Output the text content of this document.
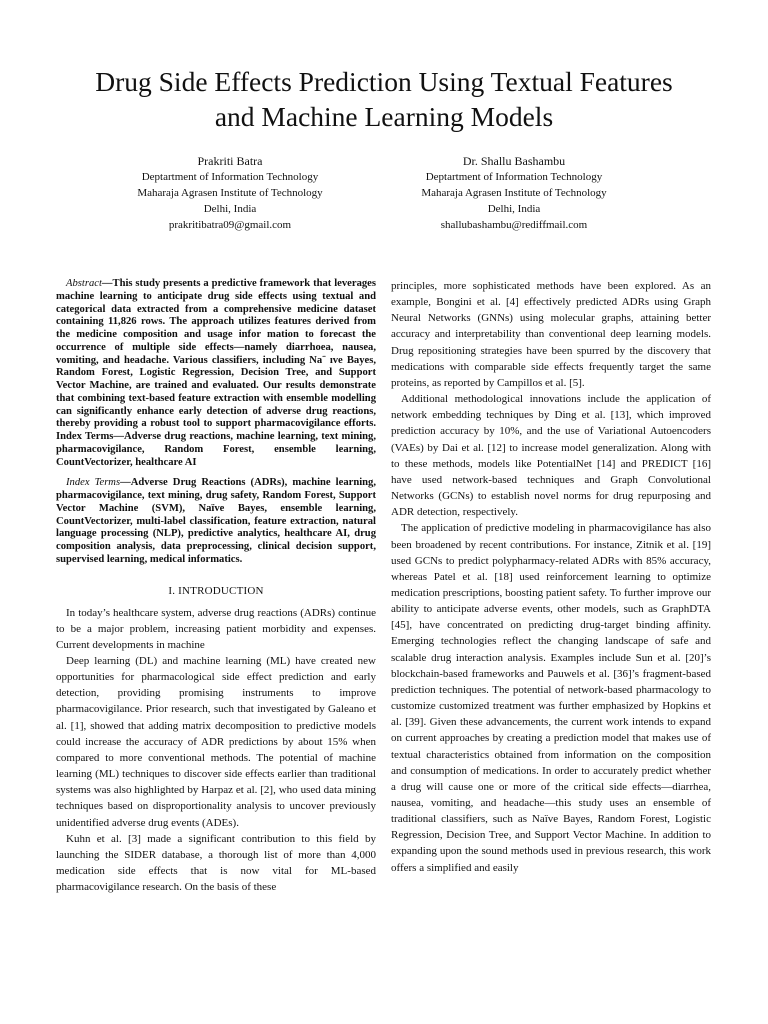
Drug Side Effects Prediction Using Textual Features
and Machine Learning Models
Prakriti Batra
Deptartment of Information Technology
Maharaja Agrasen Institute of Technology
Delhi, India
prakritibatra09@gmail.com
Dr. Shallu Bashambu
Deptartment of Information Technology
Maharaja Agrasen Institute of Technology
Delhi, India
shallubashambu@rediffmail.com

Abstract—This study presents a predictive framework that leverages machine learning to anticipate drug side effects using textual and categorical data extracted from a comprehensive medicine dataset containing 11,826 rows. The approach utilizes features derived from the medicine composition and usage infor mation to forecast the occurrence of multiple side effects—namely diarrhoea, nausea, vomiting, and headache. Various classifiers, including Na¨ ıve Bayes, Random Forest, Logistic Regression, Decision Tree, and Support Vector Machine, are trained and evaluated. Our results demonstrate that combining text-based feature extraction with ensemble modelling can significantly enhance early detection of adverse drug reactions, thereby providing a robust tool to support pharmacovigilance efforts. Index Terms—Adverse drug reactions, machine learning, text mining, pharmacovigilance, Random Forest, ensemble learning, CountVectorizer, healthcare AI

Index Terms—Adverse Drug Reactions (ADRs), machine learning, pharmacovigilance, text mining, drug safety, Random Forest, Support Vector Machine (SVM), Naïve Bayes, ensemble learning, CountVectorizer, multi-label classification, feature extraction, natural language processing (NLP), predictive analytics, healthcare AI, drug composition analysis, data preprocessing, clinical decision support, supervised learning, medical informatics.

I. INTRODUCTION

In today’s healthcare system, adverse drug reactions (ADRs) continue to be a major problem, increasing patient morbidity and expenses. Current developments in machine

Deep learning (DL) and machine learning (ML) have created new opportunities for pharmacological side effect prediction and early detection, providing promising instruments to improve pharmacovigilance. Prior research, such that investigated by Galeano et al. [1], showed that adding matrix decomposition to predictive models could increase the accuracy of ADR predictions by about 15% when compared to more conventional methods. The potential of machine learning (ML) techniques to discover side effects earlier than traditional systems was also highlighted by Harpaz et al. [2], who used data mining techniques based on disproportionality analysis to uncover previously unidentified adverse drug events (ADEs).

Kuhn et al. [3] made a significant contribution to this field by launching the SIDER database, a thorough list of more than 4,000 medication side effects that is now vital for ML-based pharmacovigilance research. On the basis of these

principles, more sophisticated methods have been explored. As an example, Bongini et al. [4] effectively predicted ADRs using Graph Neural Networks (GNNs) using molecular graphs, attaining better accuracy and interpretability than conventional deep learning models. Drug repositioning strategies have been spurred by the discovery that medications with comparable side effects frequently target the same proteins, as reported by Campillos et al. [5].

Additional methodological innovations include the application of network embedding techniques by Ding et al. [13], which improved prediction accuracy by 10%, and the use of Variational Autoencoders (VAEs) by Dai et al. [12] to increase model generalization. Along with to these methods, models like PotentialNet [14] and PREDICT [16] have used network-based techniques and Graph Convolutional Networks (GCNs) to establish novel norms for drug repurposing and ADR detection, respectively.

The application of predictive modeling in pharmacovigilance has also been broadened by recent contributions. For instance, Zitnik et al. [19] used GCNs to predict polypharmacy-related ADRs with 85% accuracy, whereas Patel et al. [18] used reinforcement learning to optimize medication prescriptions, boosting patient safety. To further improve our ability to anticipate adverse events, other models, such as GraphDTA [45], have concentrated on predicting drug-target binding affinity. Emerging technologies reflect the changing landscape of safe and scalable drug interaction analysis. Examples include Sun et al. [20]’s blockchain-based frameworks and Pauwels et al. [36]’s fragment-based prediction techniques. The potential of network-based pharmacology to customize customized treatment was further emphasized by Hopkins et al. [39]. Given these advancements, the current work intends to expand on current approaches by creating a prediction model that makes use of textual characteristics obtained from information on the composition and consumption of medications. In order to accurately predict whether a drug will cause one or more of the critical side effects—diarrhea, nausea, vomiting, and headache—this study uses an ensemble of traditional classifiers, such as Naïve Bayes, Random Forest, Logistic Regression, Decision Tree, and Support Vector Machine. In addition to expanding upon the sound methods used in previous research, this work offers a simplified and easily
